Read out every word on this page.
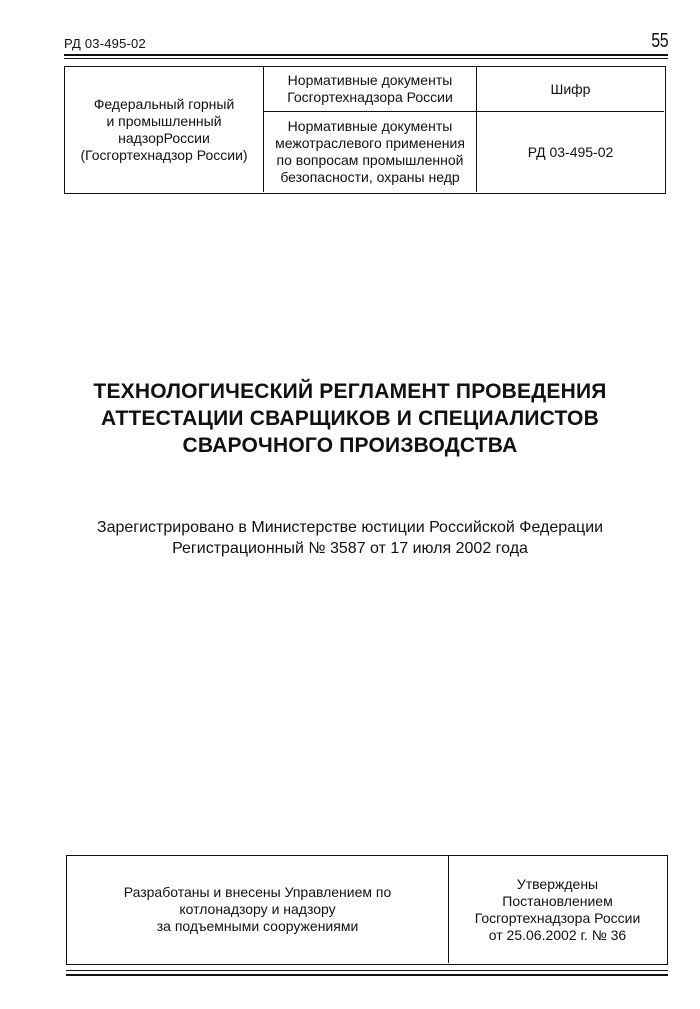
РД 03-495-02	55
Федеральный горный
и промышленный
надзорРоссии
(Госгортехнадзор России)
Нормативные документы
Госгортехнадзора России
Нормативные документы
межотраслевого применения
по вопросам промышленной
безопасности, охраны недр
Шифр
РД 03-495-02
ТЕХНОЛОГИЧЕСКИЙ РЕГЛАМЕНТ ПРОВЕДЕНИЯ
АТТЕСТАЦИИ СВАРЩИКОВ И СПЕЦИАЛИСТОВ
СВАРОЧНОГО ПРОИЗВОДСТВА
Зарегистрировано в Министерстве юстиции Российской Федерации
Регистрационный № 3587 от 17 июля 2002 года
Разработаны и внесены Управлением по
котлонадзору и надзору
за подъемными сооружениями
Утверждены
Постановлением
Госгортехнадзора России
от 25.06.2002 г. № 36
